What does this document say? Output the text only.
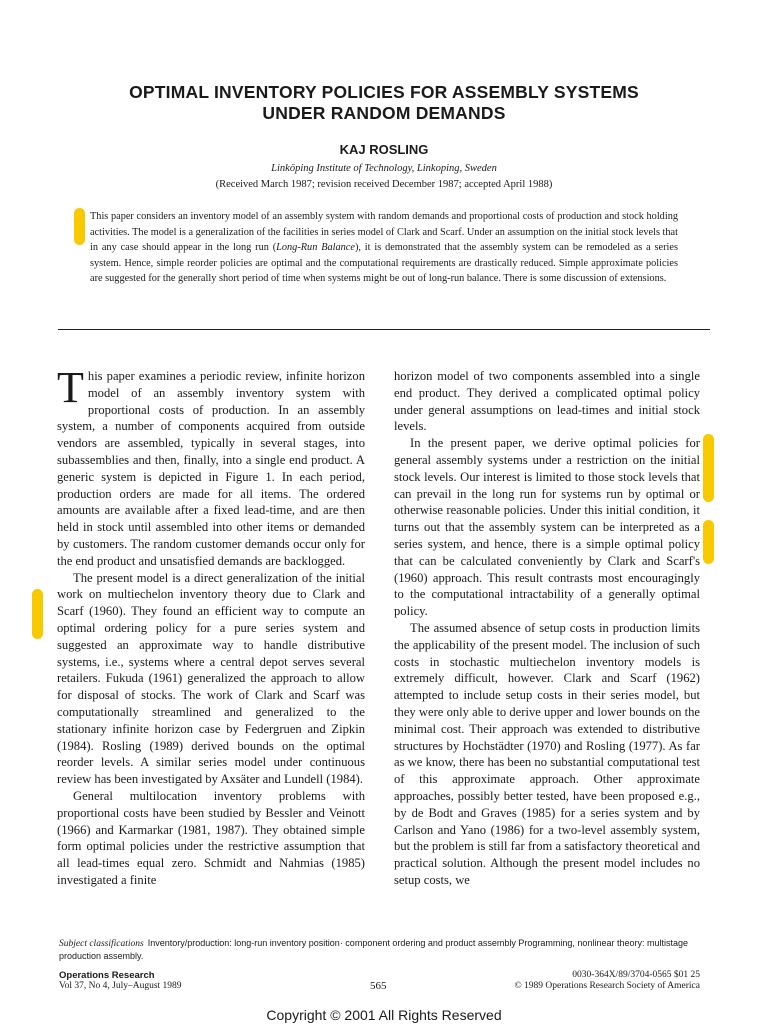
OPTIMAL INVENTORY POLICIES FOR ASSEMBLY SYSTEMS
UNDER RANDOM DEMANDS
KAJ ROSLING
Linköping Institute of Technology, Linkoping, Sweden
(Received March 1987; revision received December 1987; accepted April 1988)

This paper considers an inventory model of an assembly system with random demands and proportional costs of production and stock holding activities. The model is a generalization of the facilities in series model of Clark and Scarf. Under an assumption on the initial stock levels that in any case should appear in the long run (Long-Run Balance), it is demonstrated that the assembly system can be remodeled as a series system. Hence, simple reorder policies are optimal and the computational requirements are drastically reduced. Simple approximate policies are suggested for the generally short period of time when systems might be out of long-run balance. There is some discussion of extensions.

This paper examines a periodic review, infinite horizon model of an assembly inventory system with proportional costs of production. In an assembly system, a number of components acquired from outside vendors are assembled, typically in several stages, into subassemblies and then, finally, into a single end product. A generic system is depicted in Figure 1. In each period, production orders are made for all items. The ordered amounts are available after a fixed lead-time, and are then held in stock until assembled into other items or demanded by customers. The random customer demands occur only for the end product and unsatisfied demands are backlogged.

The present model is a direct generalization of the initial work on multiechelon inventory theory due to Clark and Scarf (1960). They found an efficient way to compute an optimal ordering policy for a pure series system and suggested an approximate way to handle distributive systems, i.e., systems where a central depot serves several retailers. Fukuda (1961) generalized the approach to allow for disposal of stocks. The work of Clark and Scarf was computationally streamlined and generalized to the stationary infinite horizon case by Federgruen and Zipkin (1984). Rosling (1989) derived bounds on the optimal reorder levels. A similar series model under continuous review has been investigated by Axsäter and Lundell (1984).

General multilocation inventory problems with proportional costs have been studied by Bessler and Veinott (1966) and Karmarkar (1981, 1987). They obtained simple form optimal policies under the restrictive assumption that all lead-times equal zero. Schmidt and Nahmias (1985) investigated a finite

horizon model of two components assembled into a single end product. They derived a complicated optimal policy under general assumptions on lead-times and initial stock levels.

In the present paper, we derive optimal policies for general assembly systems under a restriction on the initial stock levels. Our interest is limited to those stock levels that can prevail in the long run for systems run by optimal or otherwise reasonable policies. Under this initial condition, it turns out that the assembly system can be interpreted as a series system, and hence, there is a simple optimal policy that can be calculated conveniently by Clark and Scarf's (1960) approach. This result contrasts most encouragingly to the computational intractability of a generally optimal policy.

The assumed absence of setup costs in production limits the applicability of the present model. The inclusion of such costs in stochastic multiechelon inventory models is extremely difficult, however. Clark and Scarf (1962) attempted to include setup costs in their series model, but they were only able to derive upper and lower bounds on the minimal cost. Their approach was extended to distributive structures by Hochstädter (1970) and Rosling (1977). As far as we know, there has been no substantial computational test of this approximate approach. Other approximate approaches, possibly better tested, have been proposed e.g., by de Bodt and Graves (1985) for a series system and by Carlson and Yano (1986) for a two-level assembly system, but the problem is still far from a satisfactory theoretical and practical solution. Although the present model includes no setup costs, we

Subject classifications Inventory/production: long-run inventory position· component ordering and product assembly Programming, nonlinear theory: multistage production assembly.
Operations Research
Vol 37, No 4, July–August 1989	565
0030-364X/89/3704-0565 $01 25
© 1989 Operations Research Society of America
Copyright © 2001 All Rights Reserved
